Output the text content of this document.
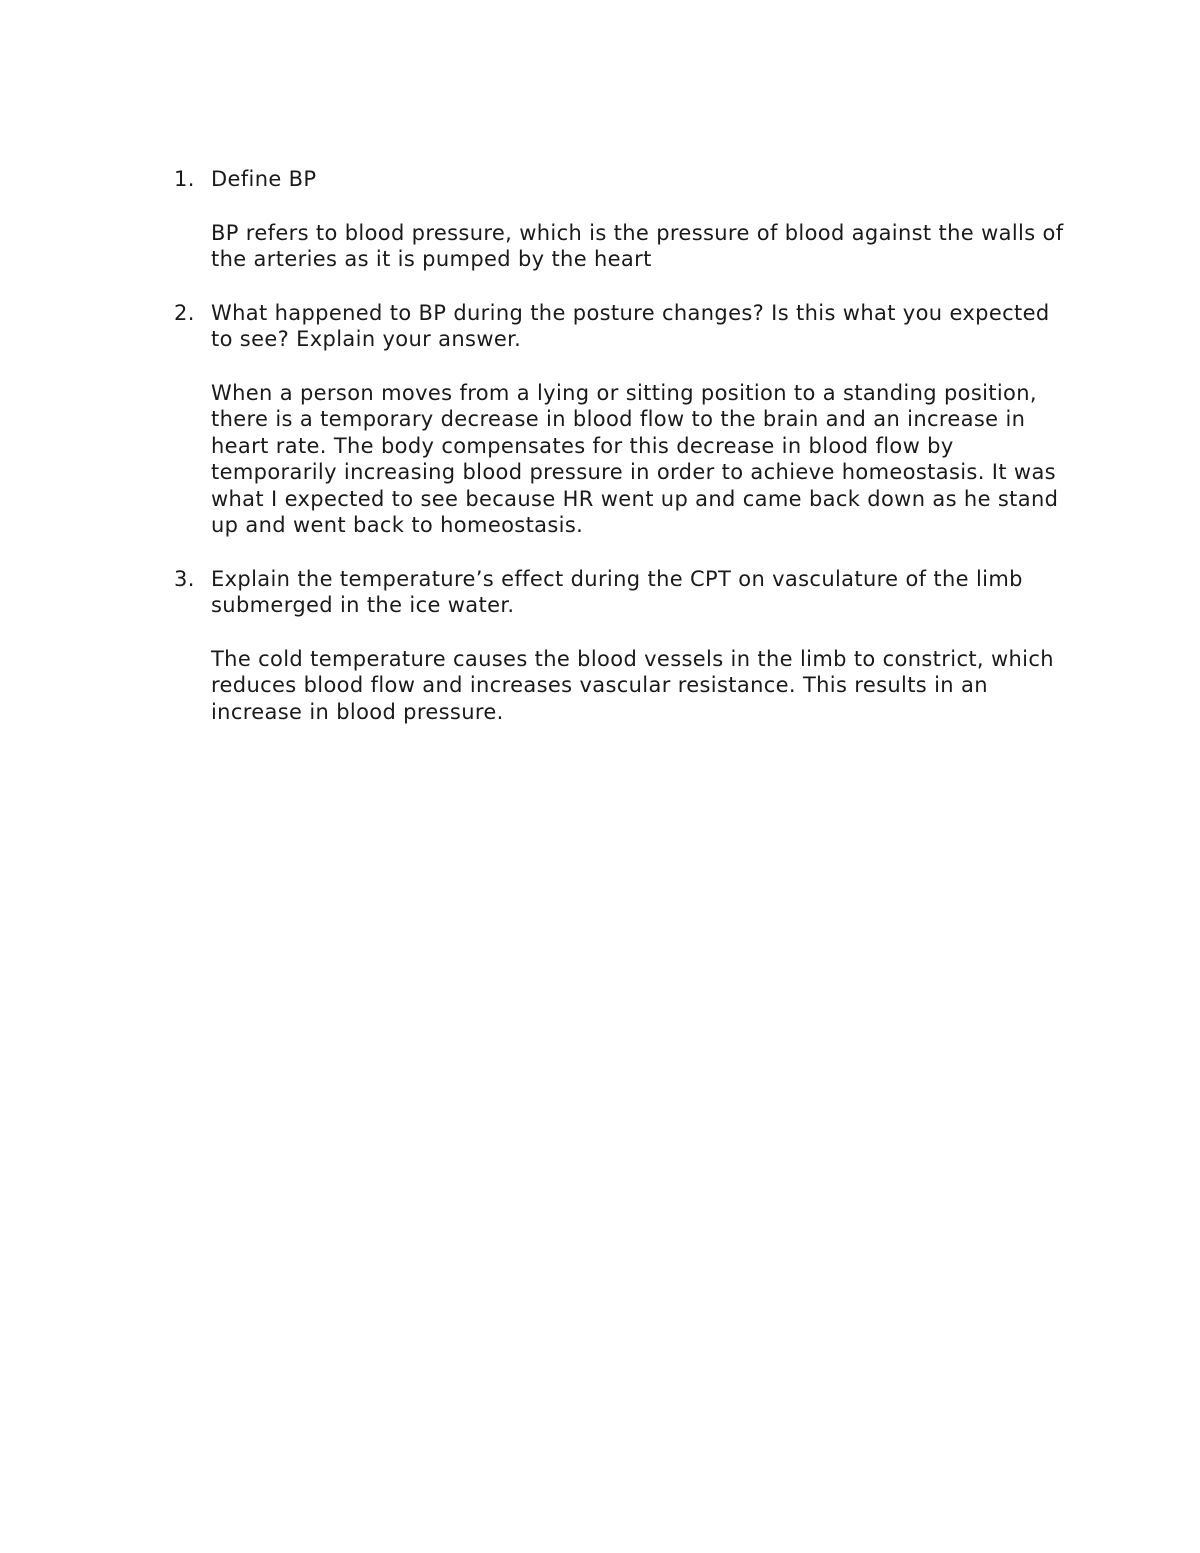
1. Define BP

BP refers to blood pressure, which is the pressure of blood against the walls of the arteries as it is pumped by the heart

2. What happened to BP during the posture changes? Is this what you expected to see? Explain your answer.

When a person moves from a lying or sitting position to a standing position, there is a temporary decrease in blood flow to the brain and an increase in heart rate. The body compensates for this decrease in blood flow by temporarily increasing blood pressure in order to achieve homeostasis. It was what I expected to see because HR went up and came back down as he stand up and went back to homeostasis.

3. Explain the temperature’s effect during the CPT on vasculature of the limb submerged in the ice water.

The cold temperature causes the blood vessels in the limb to constrict, which reduces blood flow and increases vascular resistance. This results in an increase in blood pressure.
